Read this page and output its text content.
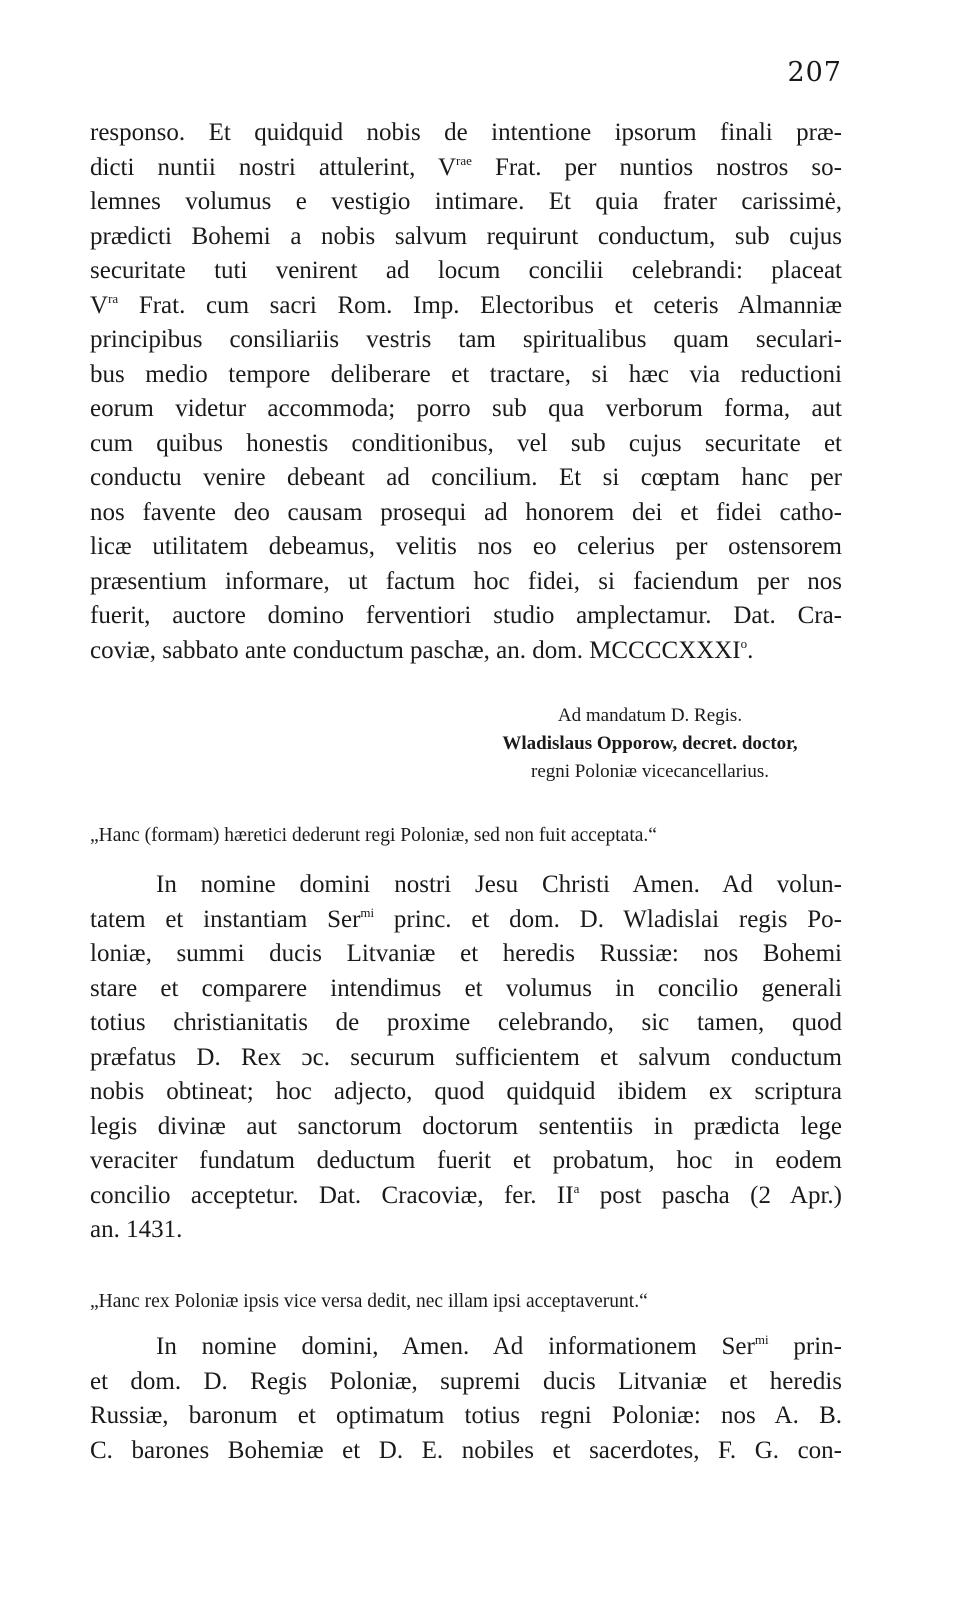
207
responso. Et quidquid nobis de intentione ipsorum finali præ-
dicti nuntii nostri attulerint, $V^{rae}$ Frat. per nuntios nostros so-
lemnes volumus e vestigio intimare. Et quia frater carissimė,
prædicti Bohemi a nobis salvum requirunt conductum, sub cujus
securitate tuti venirent ad locum concilii celebrandi: placeat
$V^{ra}$ Frat. cum sacri Rom. Imp. Electoribus et ceteris Almanniæ
principibus consiliariis vestris tam spiritualibus quam seculari-
bus medio tempore deliberare et tractare, si hæc via reductioni
eorum videtur accommoda; porro sub qua verborum forma, aut
cum quibus honestis conditionibus, vel sub cujus securitate et
conductu venire debeant ad concilium. Et si cœptam hanc per
nos favente deo causam prosequi ad honorem dei et fidei catho-
licæ utilitatem debeamus, velitis nos eo celerius per ostensorem
præsentium informare, ut factum hoc fidei, si faciendum per nos
fuerit, auctore domino ferventiori studio amplectamur. Dat. Cra-
coviæ, sabbato ante conductum paschæ, an. dom. MCCCCXXXI$^o$.
Ad mandatum D. Regis.
Wladislaus Opporow, decret. doctor,
regni Poloniæ vicecancellarius.
„Hanc (formam) hæretici dederunt regi Poloniæ, sed non fuit acceptata.“
In nomine domini nostri Jesu Christi Amen. Ad volun-
tatem et instantiam Ser$^{mi}$ princ. et dom. D. Wladislai regis Po-
loniæ, summi ducis Litvaniæ et heredis Russiæ: nos Bohemi
stare et comparere intendimus et volumus in concilio generali
totius christianitatis de proxime celebrando, sic tamen, quod
præfatus D. Rex ɔc. securum sufficientem et salvum conductum
nobis obtineat; hoc adjecto, quod quidquid ibidem ex scriptura
legis divinæ aut sanctorum doctorum sententiis in prædicta lege
veraciter fundatum deductum fuerit et probatum, hoc in eodem
concilio acceptetur. Dat. Cracoviæ, fer. $II^a$ post pascha (2 Apr.)
an. 1431.
„Hanc rex Poloniæ ipsis vice versa dedit, nec illam ipsi acceptaverunt.“
In nomine domini, Amen. Ad informationem Ser$^{mi}$ prin-
et dom. D. Regis Poloniæ, supremi ducis Litvaniæ et heredis
Russiæ, baronum et optimatum totius regni Poloniæ: nos A. B.
C. barones Bohemiæ et D. E. nobiles et sacerdotes, F. G. con-
